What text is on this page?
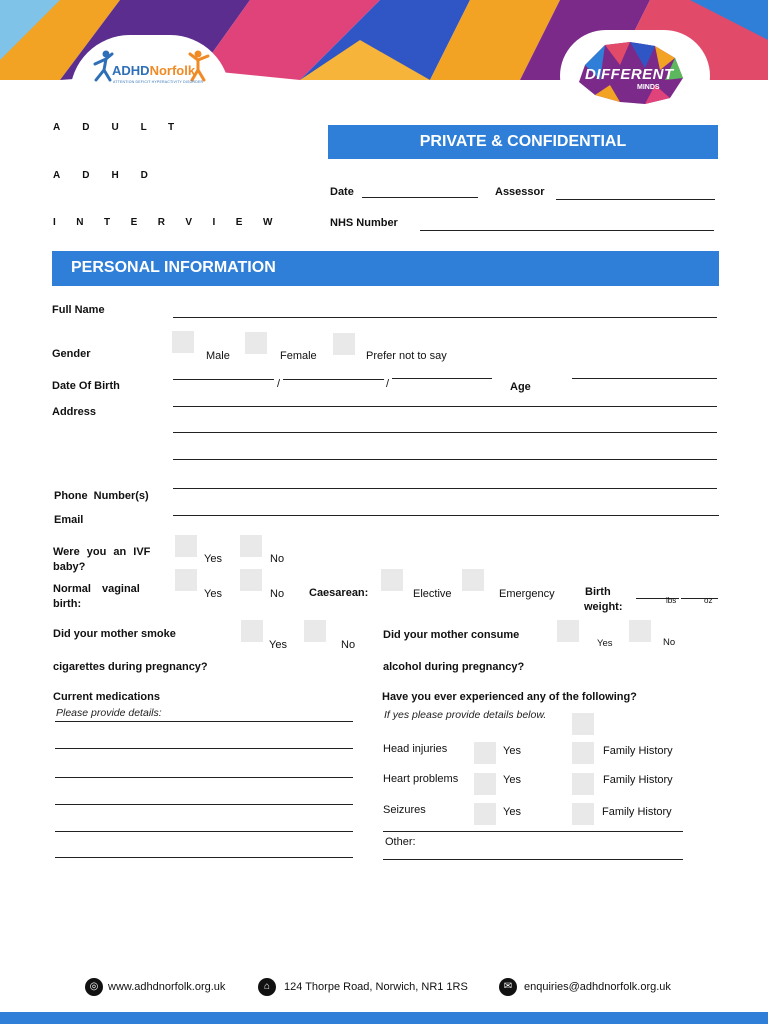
ADHDNorfolk
ATTENTION DEFICIT HYPERACTIVITY DISORDER	DIFFERENT
MINDS
ADULT
ADHD
INTERVIEW
PRIVATE & CONFIDENTIAL
Date	Assessor
NHS Number
PERSONAL INFORMATION
Full Name
Gender	Male	Female	Prefer not to say
Date Of Birth	/	/	Age
Address
Phone Number(s)
Email
Were you an IVF
baby?
Yes	No
Normal vaginal
birth:
Yes	No Caesarean:	Elective	Emergency	Birth
weight:
lbs	oz
Did your mother smoke
cigarettes during pregnancy?
Yes	No
Did your mother consume
alcohol during pregnancy?
Yes	No
Current medications
Please provide details:
Have you ever experienced any of the following?
If yes please provide details below.
Head injuries	Yes	Family History
Heart problems	Yes	Family History
Seizures	Yes	Family History
Other:
◎ www.adhdnorfolk.org.uk	⌂	124 Thorpe Road, Norwich, NR1 1RS	✉	enquiries@adhdnorfolk.org.uk
